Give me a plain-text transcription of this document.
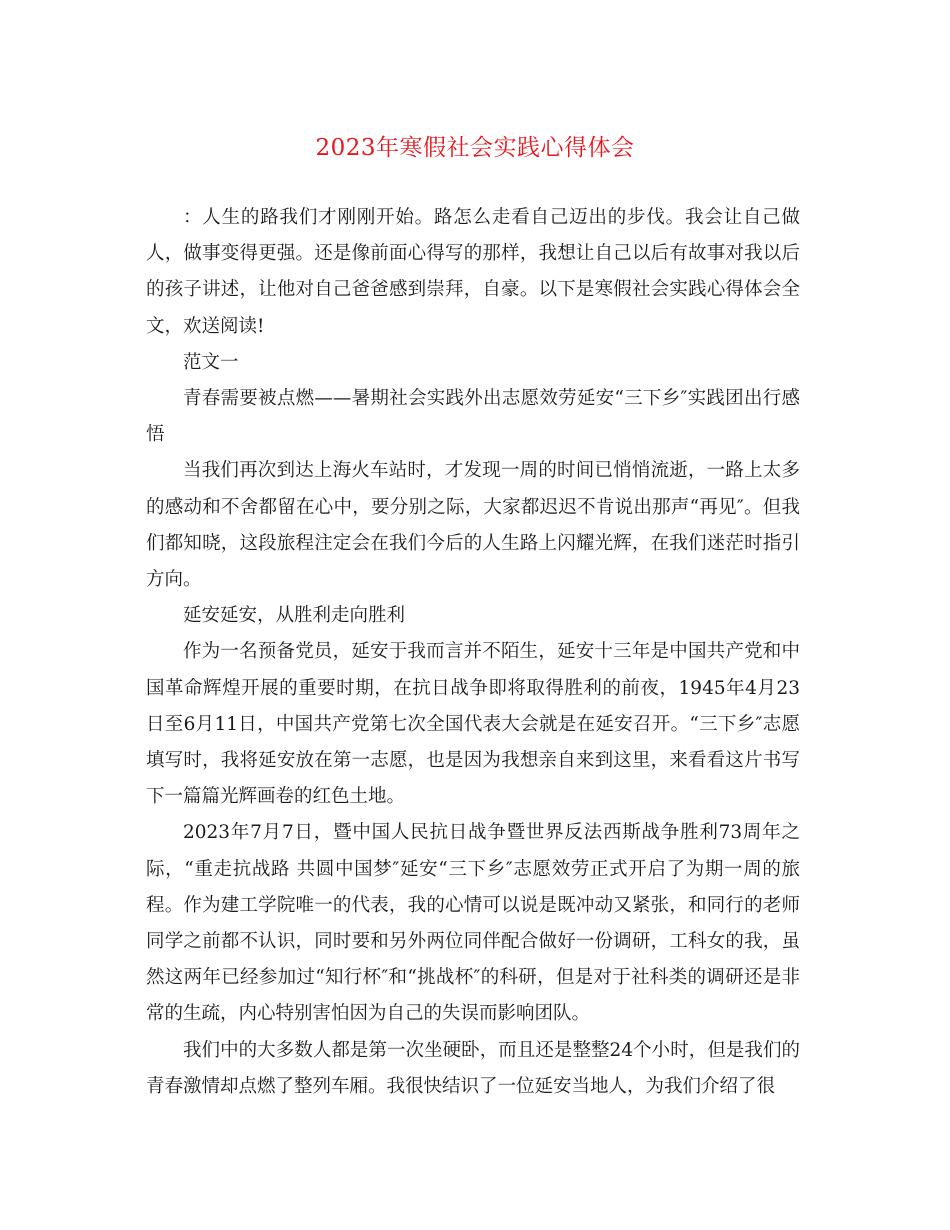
2023年寒假社会实践心得体会

：人生的路我们才刚刚开始。路怎么走看自己迈出的步伐。我会让自己做人，做事变得更强。还是像前面心得写的那样，我想让自己以后有故事对我以后的孩子讲述，让他对自己爸爸感到崇拜，自豪。以下是寒假社会实践心得体会全文，欢送阅读!

范文一

青春需要被点燃——暑期社会实践外出志愿效劳延安“三下乡″实践团出行感悟

当我们再次到达上海火车站时，才发现一周的时间已悄悄流逝，一路上太多的感动和不舍都留在心中，要分别之际，大家都迟迟不肯说出那声“再见″。但我们都知晓，这段旅程注定会在我们今后的人生路上闪耀光辉，在我们迷茫时指引方向。

延安延安，从胜利走向胜利

作为一名预备党员，延安于我而言并不陌生，延安十三年是中国共产党和中国革命辉煌开展的重要时期，在抗日战争即将取得胜利的前夜，1945年4月23日至6月11日，中国共产党第七次全国代表大会就是在延安召开。“三下乡″志愿填写时，我将延安放在第一志愿，也是因为我想亲自来到这里，来看看这片书写下一篇篇光辉画卷的红色土地。

2023年7月7日，暨中国人民抗日战争暨世界反法西斯战争胜利73周年之际，“重走抗战路 共圆中国梦″延安“三下乡″志愿效劳正式开启了为期一周的旅程。作为建工学院唯一的代表，我的心情可以说是既冲动又紧张，和同行的老师同学之前都不认识，同时要和另外两位同伴配合做好一份调研，工科女的我，虽然这两年已经参加过“知行杯″和“挑战杯″的科研，但是对于社科类的调研还是非常的生疏，内心特别害怕因为自己的失误而影响团队。

我们中的大多数人都是第一次坐硬卧，而且还是整整24个小时，但是我们的青春激情却点燃了整列车厢。我很快结识了一位延安当地人，为我们介绍了很
